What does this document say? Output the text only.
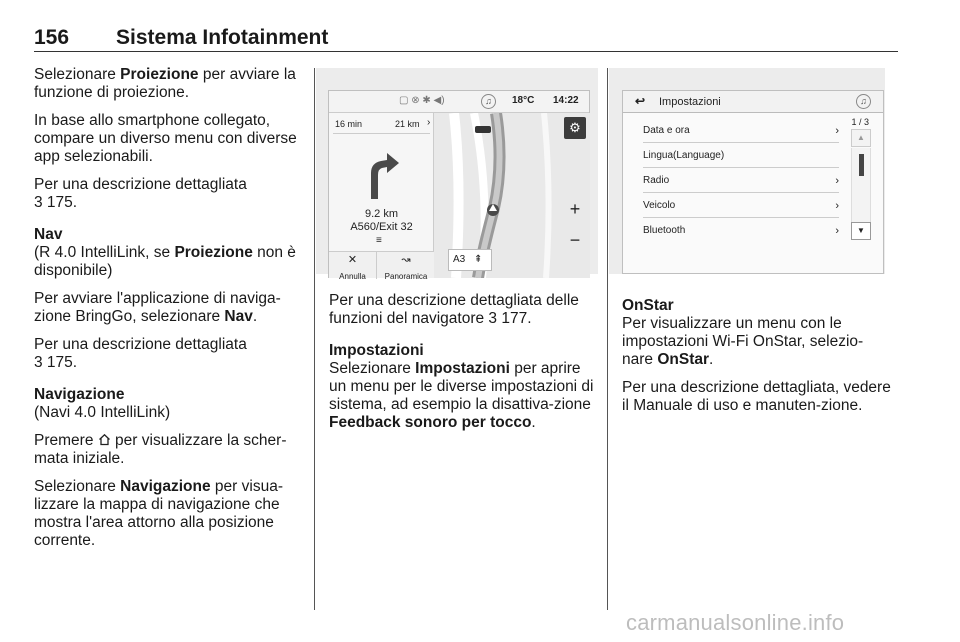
156 Sistema Infotainment

Selezionare Proiezione per avviare la funzione di proiezione.

In base allo smartphone collegato, compare un diverso menu con diverse app selezionabili.

Per una descrizione dettagliata
3 175.

Nav

(R 4.0 IntelliLink, se Proiezione non è disponibile)

Per avviare l'applicazione di naviga-zione BringGo, selezionare Nav.

Per una descrizione dettagliata
3 175.

Navigazione

(Navi 4.0 IntelliLink)

Premere  per visualizzare la scher-mata iniziale.

Selezionare Navigazione per visua-lizzare la mappa di navigazione che mostra l'area attorno alla posizione corrente.

▢ ⊗ ✱ ◀)	♫	18°C 14:22
16 min	21 km ›
9.2 km
A560/Exit 32
≡
✕
Annulla
↝
Panoramica
⚙
+
−
A3 ⇞

Per una descrizione dettagliata delle funzioni del navigatore 3 177.

Impostazioni

Selezionare Impostazioni per aprire un menu per le diverse impostazioni di sistema, ad esempio la disattiva-zione Feedback sonoro per tocco.

↩ Impostazioni	♫
Data e ora	›
Lingua(Language)
Radio	›
Veicolo	›
Bluetooth	›
1 / 3
▲
▼

OnStar

Per visualizzare un menu con le impostazioni Wi-Fi OnStar, selezio-nare OnStar.

Per una descrizione dettagliata, vedere il Manuale di uso e manuten-zione.

carmanualsonline.info
